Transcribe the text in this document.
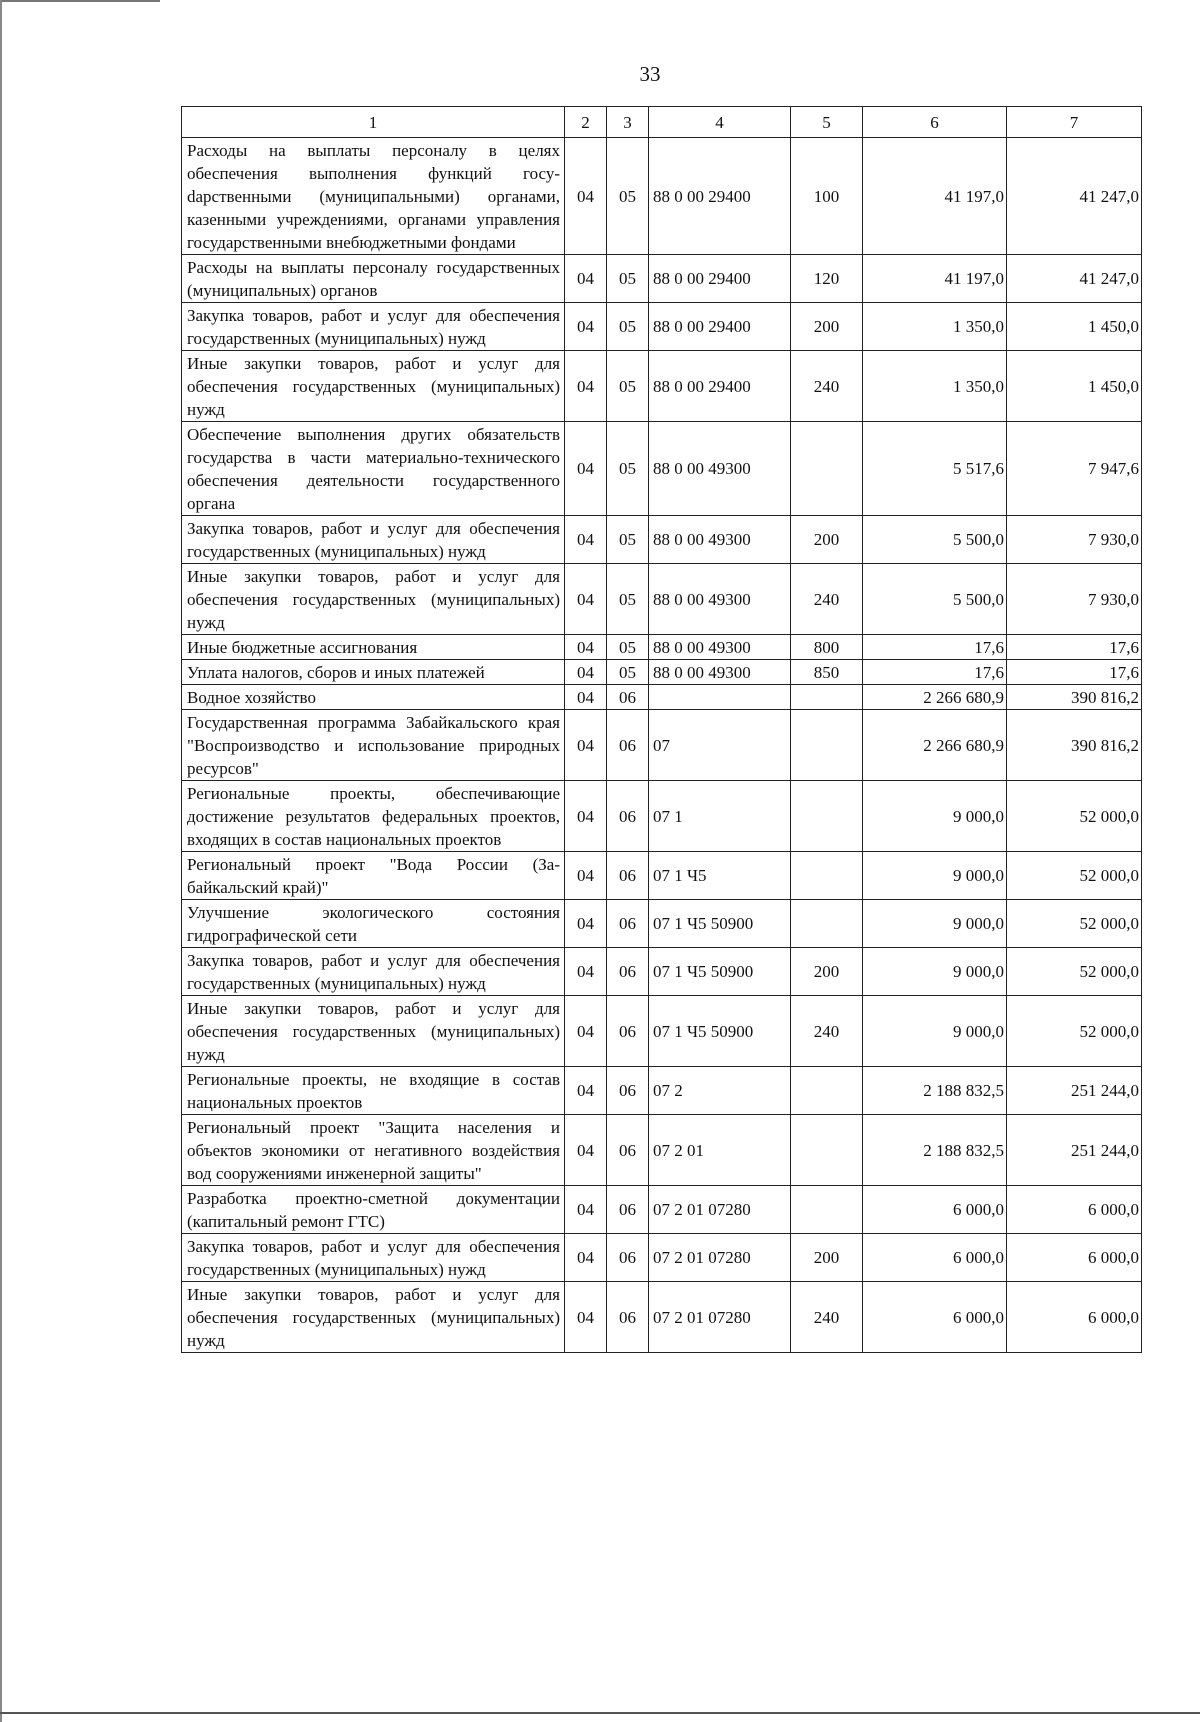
33
1	2	3	4	5	6	7
Расходы на выплаты персоналу в целях обеспечения выполнения функций госуdарственными (муниципальными) органами, казенными учреждениями, органами управления государственными внебюджетными фондами	04	05	88 0 00 29400	100	41 197,0	41 247,0
Расходы на выплаты персоналу государственных (муниципальных) органов	04	05	88 0 00 29400	120	41 197,0	41 247,0
Закупка товаров, работ и услуг для обеспечения государственных (муниципальных) нужд	04	05	88 0 00 29400	200	1 350,0	1 450,0
Иные закупки товаров, работ и услуг для обеспечения государственных (муниципальных) нужд	04	05	88 0 00 29400	240	1 350,0	1 450,0
Обеспечение выполнения других обязательств государства в части материально-технического обеспечения деятельности государственного органа	04	05	88 0 00 49300		5 517,6	7 947,6
Закупка товаров, работ и услуг для обеспечения государственных (муниципальных) нужд	04	05	88 0 00 49300	200	5 500,0	7 930,0
Иные закупки товаров, работ и услуг для обеспечения государственных (муниципальных) нужд	04	05	88 0 00 49300	240	5 500,0	7 930,0
Иные бюджетные ассигнования	04	05	88 0 00 49300	800	17,6	17,6
Уплата налогов, сборов и иных платежей	04	05	88 0 00 49300	850	17,6	17,6
Водное хозяйство	04	06			2 266 680,9	390 816,2
Государственная программа Забайкальского края "Воспроизводство и использование природных ресурсов"	04	06	07		2 266 680,9	390 816,2
Региональные проекты, обеспечивающие достижение результатов федеральных проектов, входящих в состав национальных проектов	04	06	07 1		9 000,0	52 000,0
Региональный проект "Вода России (Забайкальский край)"	04	06	07 1 Ч5		9 000,0	52 000,0
Улучшение экологического состояния гидрографической сети	04	06	07 1 Ч5 50900		9 000,0	52 000,0
Закупка товаров, работ и услуг для обеспечения государственных (муниципальных) нужд	04	06	07 1 Ч5 50900	200	9 000,0	52 000,0
Иные закупки товаров, работ и услуг для обеспечения государственных (муниципальных) нужд	04	06	07 1 Ч5 50900	240	9 000,0	52 000,0
Региональные проекты, не входящие в состав национальных проектов	04	06	07 2		2 188 832,5	251 244,0
Региональный проект "Защита населения и объектов экономики от негативного воздействия вод сооружениями инженерной защиты"	04	06	07 2 01		2 188 832,5	251 244,0
Разработка проектно-сметной документации (капитальный ремонт ГТС)	04	06	07 2 01 07280		6 000,0	6 000,0
Закупка товаров, работ и услуг для обеспечения государственных (муниципальных) нужд	04	06	07 2 01 07280	200	6 000,0	6 000,0
Иные закупки товаров, работ и услуг для обеспечения государственных (муниципальных) нужд	04	06	07 2 01 07280	240	6 000,0	6 000,0
